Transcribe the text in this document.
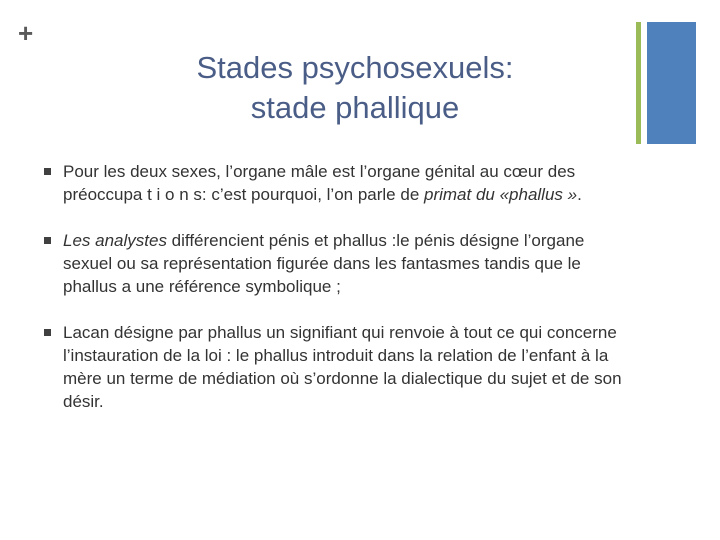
+
Stades psychosexuels:
stade phallique
Pour les deux sexes, l’organe mâle est l’organe génital au cœur des préoccupa t i o n s: c’est pourquoi, l’on parle de primat du «phallus ».
Les analystes différencient pénis et phallus :le pénis désigne l’organe sexuel ou sa représentation figurée dans les fantasmes tandis que le phallus a une référence symbolique ;
Lacan désigne par phallus un signifiant qui renvoie à tout ce qui concerne l’instauration de la loi : le phallus introduit dans la relation de l’enfant à la mère un terme de médiation où s’ordonne la dialectique du sujet et de son désir.
